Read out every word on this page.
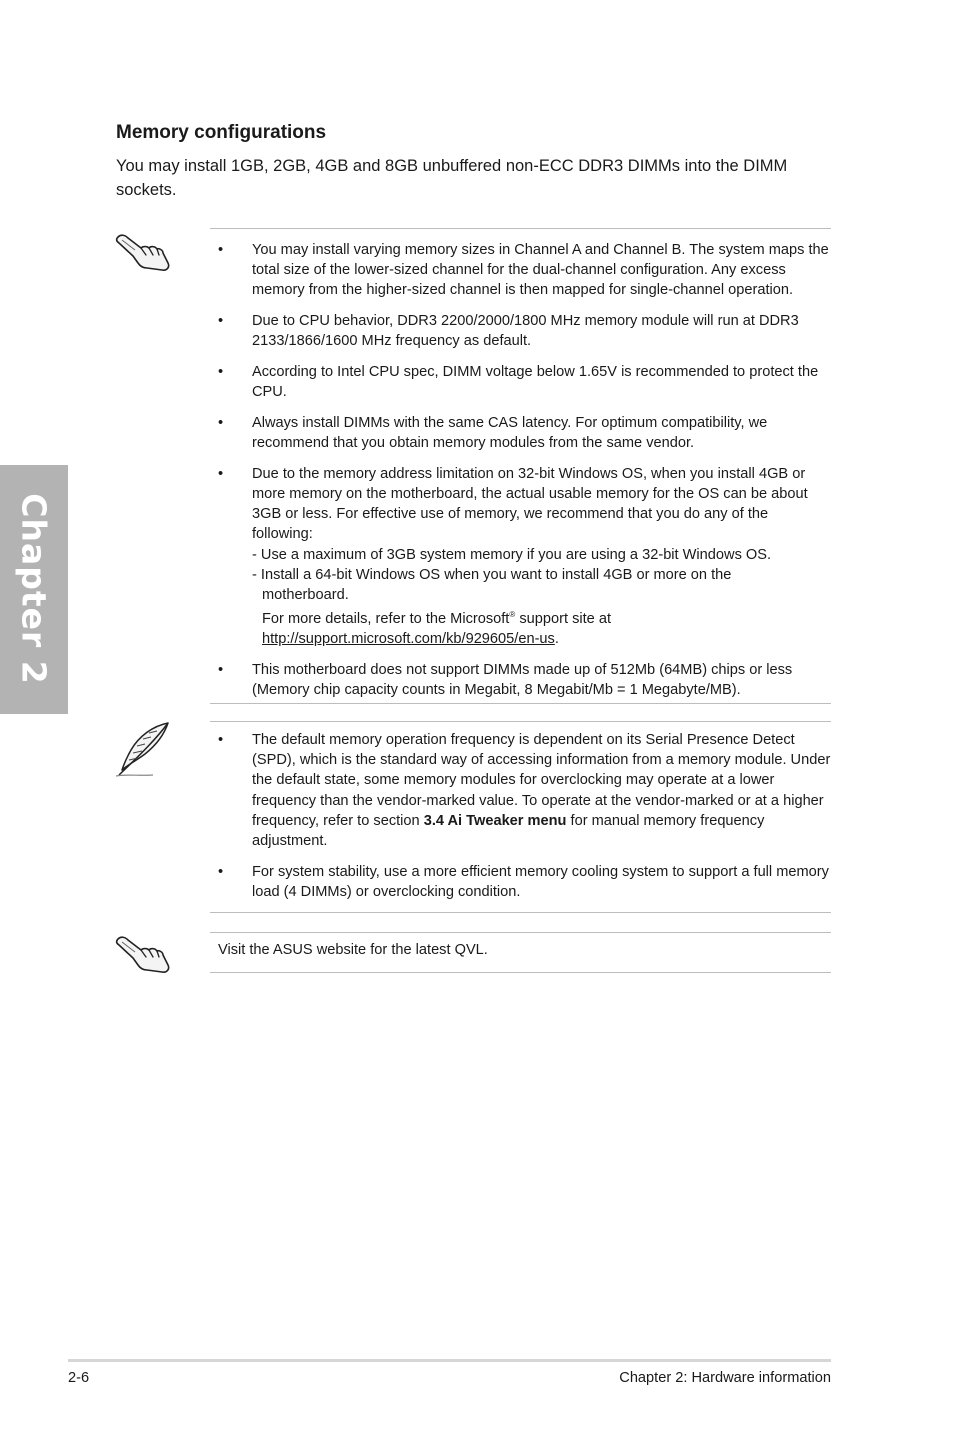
Chapter 2
Memory configurations

You may install 1GB, 2GB, 4GB and 8GB unbuffered non-ECC DDR3 DIMMs into the DIMM sockets.

• You may install varying memory sizes in Channel A and Channel B. The system maps the total size of the lower-sized channel for the dual-channel configuration. Any excess memory from the higher-sized channel is then mapped for single-channel operation.
• Due to CPU behavior, DDR3 2200/2000/1800 MHz memory module will run at DDR3 2133/1866/1600 MHz frequency as default.
• According to Intel CPU spec, DIMM voltage below 1.65V is recommended to protect the CPU.
• Always install DIMMs with the same CAS latency. For optimum compatibility, we recommend that you obtain memory modules from the same vendor.
• Due to the memory address limitation on 32-bit Windows OS, when you install 4GB or more memory on the motherboard, the actual usable memory for the OS can be about 3GB or less. For effective use of memory, we recommend that you do any of the following:
- Use a maximum of 3GB system memory if you are using a 32-bit Windows OS.
- Install a 64-bit Windows OS when you want to install 4GB or more on the
motherboard.
For more details, refer to the Microsoft® support site at
http://support.microsoft.com/kb/929605/en-us.
• This motherboard does not support DIMMs made up of 512Mb (64MB) chips or less (Memory chip capacity counts in Megabit, 8 Megabit/Mb = 1 Megabyte/MB).
• The default memory operation frequency is dependent on its Serial Presence Detect (SPD), which is the standard way of accessing information from a memory module. Under the default state, some memory modules for overclocking may operate at a lower frequency than the vendor-marked value. To operate at the vendor-marked or at a higher frequency, refer to section 3.4 Ai Tweaker menu for manual memory frequency adjustment.
• For system stability, use a more efficient memory cooling system to support a full memory load (4 DIMMs) or overclocking condition.

Visit the ASUS website for the latest QVL.

2-6	Chapter 2: Hardware information
